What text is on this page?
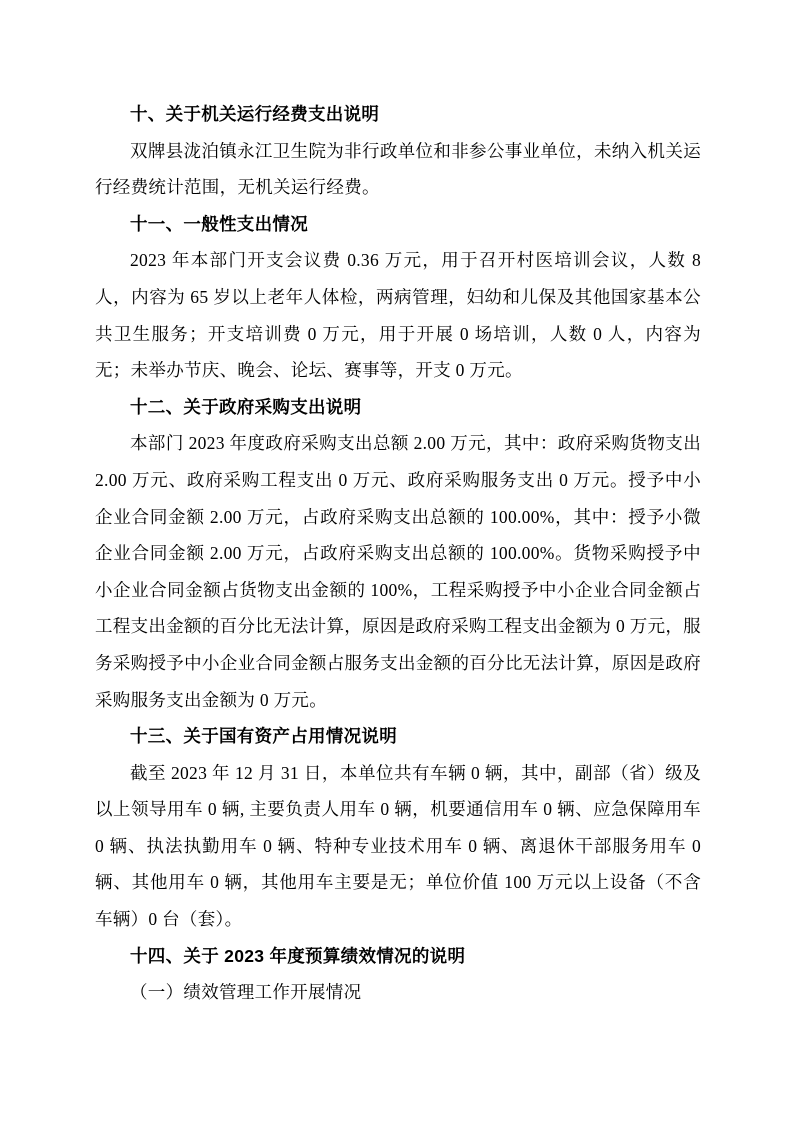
十、关于机关运行经费支出说明

双牌县泷泊镇永江卫生院为非行政单位和非参公事业单位，未纳入机关运行经费统计范围，无机关运行经费。

十一、一般性支出情况

2023 年本部门开支会议费 0.36 万元，用于召开村医培训会议，人数 8 人，内容为 65 岁以上老年人体检，两病管理，妇幼和儿保及其他国家基本公共卫生服务；开支培训费 0 万元，用于开展 0 场培训，人数 0 人，内容为无；未举办节庆、晚会、论坛、赛事等，开支 0 万元。

十二、关于政府采购支出说明

本部门 2023 年度政府采购支出总额 2.00 万元，其中：政府采购货物支出 2.00 万元、政府采购工程支出 0 万元、政府采购服务支出 0 万元。授予中小企业合同金额 2.00 万元，占政府采购支出总额的 100.00%，其中：授予小微企业合同金额 2.00 万元，占政府采购支出总额的 100.00%。货物采购授予中小企业合同金额占货物支出金额的 100%，工程采购授予中小企业合同金额占工程支出金额的百分比无法计算，原因是政府采购工程支出金额为 0 万元，服务采购授予中小企业合同金额占服务支出金额的百分比无法计算，原因是政府采购服务支出金额为 0 万元。

十三、关于国有资产占用情况说明

截至 2023 年 12 月 31 日，本单位共有车辆 0 辆，其中，副部（省）级及以上领导用车 0 辆, 主要负责人用车 0 辆，机要通信用车 0 辆、应急保障用车 0 辆、执法执勤用车 0 辆、特种专业技术用车 0 辆、离退休干部服务用车 0 辆、其他用车 0 辆，其他用车主要是无；单位价值 100 万元以上设备（不含车辆）0 台（套）。

十四、关于 2023 年度预算绩效情况的说明

（一）绩效管理工作开展情况
